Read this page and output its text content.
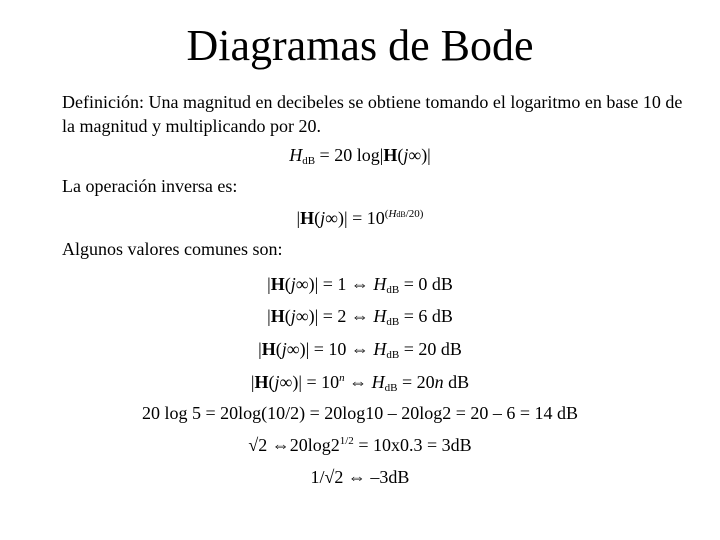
Diagramas de Bode
Definición: Una magnitud en decibeles se obtiene tomando el logaritmo en base 10 de
la magnitud y multiplicando por 20.
$H_{dB} = 20$ log|H(j∞)|
La operación inversa es:
$|H(j\infty)| = 10^{(HdB/20)}$
Algunos valores comunes son:
|H(j∞)| = 1 ⇔ $H_{dB} = 0$ dB
|H(j∞)| = 2 ⇔ $H_{dB} = 6$ dB
|H(j∞)| = 10 ⇔ $H_{dB} = 20$ dB
$|H(j\infty)| = 10^n$ ⇔ $H_{dB} = 20n$ dB
20 log 5 = 20log(10/2) = 20log10 – 20log2 = 20 – 6 = 14 dB
√2 $\Leftrightarrow 20\log 2^{1/2} = 10x0.3 = 3dB$
1/√2 ⇔ –3dB
